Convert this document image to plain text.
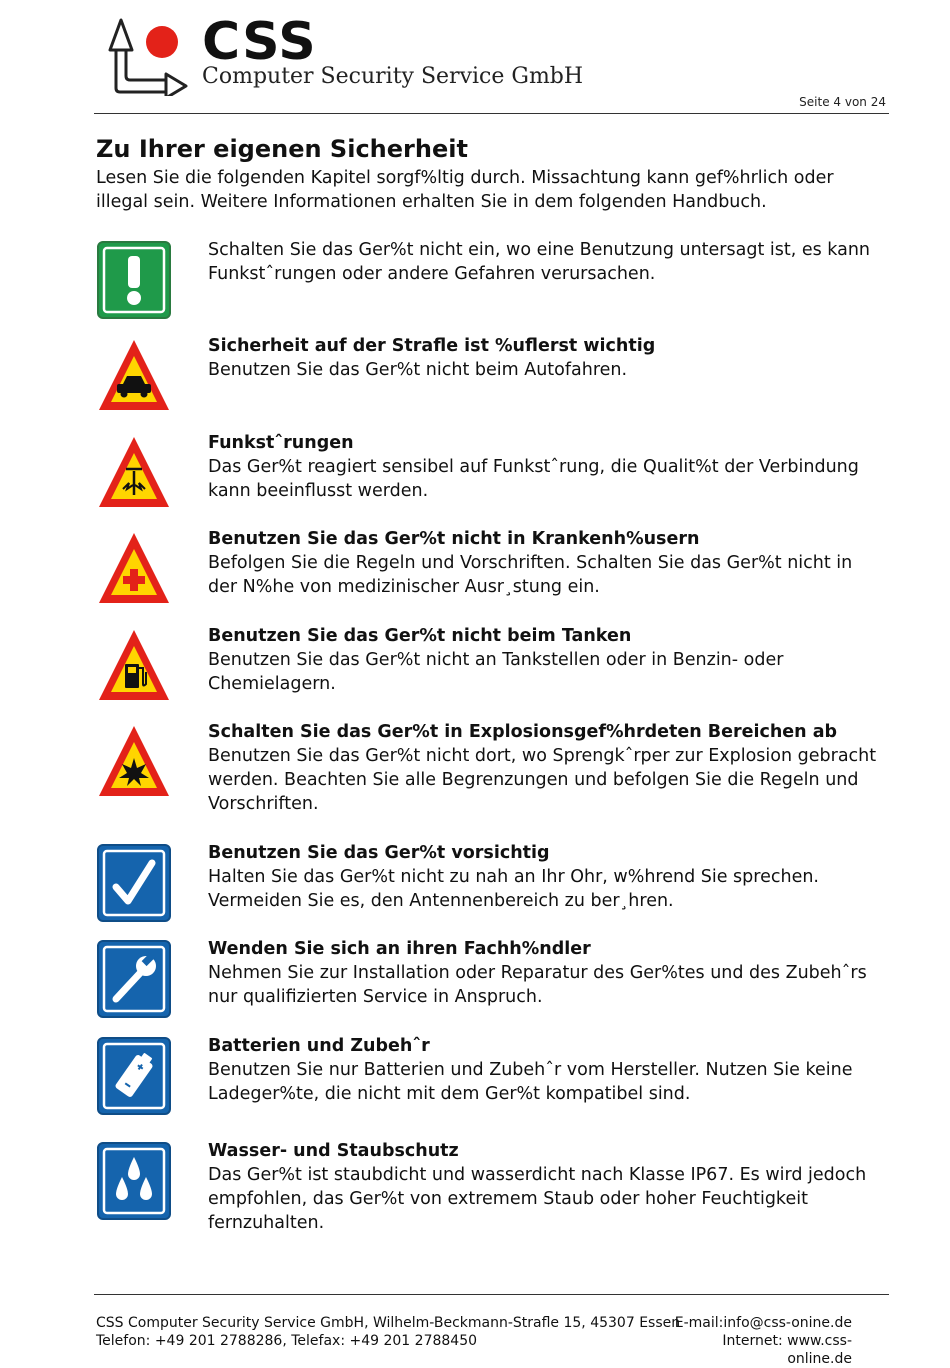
CSS
Computer Security Service GmbH
Seite 4 von 24
Zu Ihrer eigenen Sicherheit

Lesen Sie die folgenden Kapitel sorgf%ltig durch. Missachtung kann gef%hrlich oder illegal sein. Weitere Informationen erhalten Sie in dem folgenden Handbuch.

Schalten Sie das Ger%t nicht ein, wo eine Benutzung untersagt ist, es kann Funkstˆrungen oder andere Gefahren verursachen.
Sicherheit auf der Strafle ist %uflerst wichtig
Benutzen Sie das Ger%t nicht beim Autofahren.
Funkstˆrungen
Das Ger%t reagiert sensibel auf Funkstˆrung, die Qualit%t der Verbindung kann beeinflusst werden.
Benutzen Sie das Ger%t nicht in Krankenh%usern
Befolgen Sie die Regeln und Vorschriften. Schalten Sie das Ger%t nicht in der N%he von medizinischer Ausr¸stung ein.
Benutzen Sie das Ger%t nicht beim Tanken
Benutzen Sie das Ger%t nicht an Tankstellen oder in Benzin- oder Chemielagern.
Schalten Sie das Ger%t in Explosionsgef%hrdeten Bereichen ab
Benutzen Sie das Ger%t nicht dort, wo Sprengkˆrper zur Explosion gebracht werden. Beachten Sie alle Begrenzungen und befolgen Sie die Regeln und Vorschriften.
Benutzen Sie das Ger%t vorsichtig
Halten Sie das Ger%t nicht zu nah an Ihr Ohr, w%hrend Sie sprechen. Vermeiden Sie es, den Antennenbereich zu ber¸hren.
Wenden Sie sich an ihren Fachh%ndler
Nehmen Sie zur Installation oder Reparatur des Ger%tes und des Zubehˆrs nur qualifizierten Service in Anspruch.
Batterien und Zubehˆr
Benutzen Sie nur Batterien und Zubehˆr vom Hersteller. Nutzen Sie keine Ladeger%te, die nicht mit dem Ger%t kompatibel sind.
Wasser- und Staubschutz
Das Ger%t ist staubdicht und wasserdicht nach Klasse IP67. Es wird jedoch empfohlen, das Ger%t von extremem Staub oder hoher Feuchtigkeit fernzuhalten.
CSS Computer Security Service GmbH, Wilhelm-Beckmann-Strafle 15, 45307 Essen
Telefon: +49 201 2788286, Telefax: +49 201 2788450
E-mail:info@css-onine.de
Internet: www.css-online.de
